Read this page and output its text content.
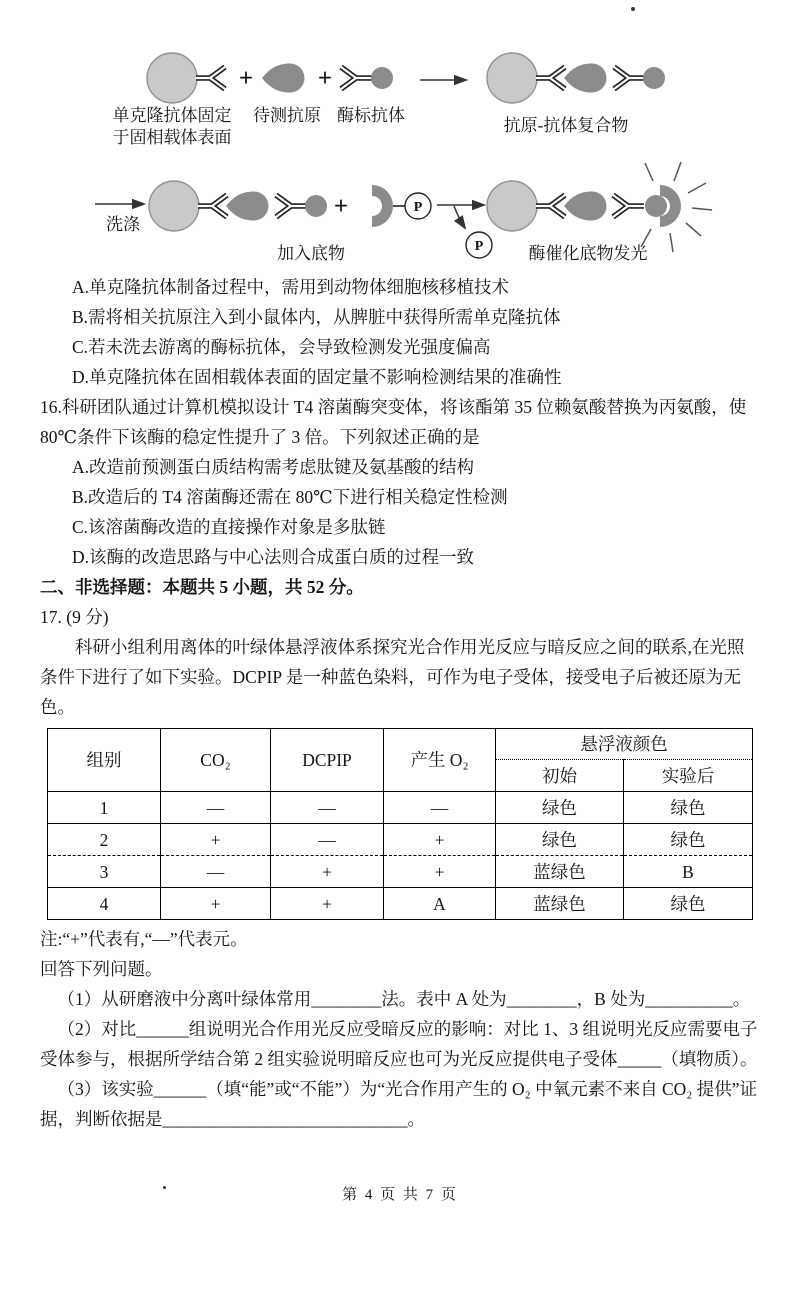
+	+
单克隆抗体固定
于固相载体表面
待测抗原 酶标抗体
抗原-抗体复合物
洗涤
+	P
加入底物	P	酶催化底物发光

A.单克隆抗体制备过程中，需用到动物体细胞核移植技术

B.需将相关抗原注入到小鼠体内，从脾脏中获得所需单克隆抗体

C.若未洗去游离的酶标抗体，会导致检测发光强度偏高

D.单克隆抗体在固相载体表面的固定量不影响检测结果的准确性

16.科研团队通过计算机模拟设计 T4 溶菌酶突变体，将该酯第 35 位赖氨酸替换为丙氨酸，使 80℃条件下该酶的稳定性提升了 3 倍。下列叙述正确的是

A.改造前预测蛋白质结构需考虑肽键及氨基酸的结构

B.改造后的 T4 溶菌酶还需在 80℃下进行相关稳定性检测

C.该溶菌酶改造的直接操作对象是多肽链

D.该酶的改造思路与中心法则合成蛋白质的过程一致

二、非选择题：本题共 5 小题，共 52 分。

17. (9 分)

科研小组利用离体的叶绿体悬浮液体系探究光合作用光反应与暗反应之间的联系,在光照条件下进行了如下实验。DCPIP 是一种蓝色染料，可作为电子受体，接受电子后被还原为无色。

组别	CO₂	DCPIP	产生 O₂	悬浮液颜色	
				初始	实验后
1	—	—	—	绿色	绿色
2	+	—	+	绿色	绿色
3	—	+	+	蓝绿色	B
4	+	+	A	蓝绿色	绿色

注:“+”代表有,“—”代表元。

回答下列问题。

（1）从研磨液中分离叶绿体常用________法。表中 A 处为________，B 处为__________。

（2）对比______组说明光合作用光反应受暗反应的影响：对比 1、3 组说明光反应需要电子受体参与，根据所学结合第 2 组实验说明暗反应也可为光反应提供电子受体_____（填物质）。

（3）该实验______（填“能”或“不能”）为“光合作用产生的 O₂ 中氧元素不来自 CO₂ 提供”证据，判断依据是____________________________。

第 4 页 共 7 页
